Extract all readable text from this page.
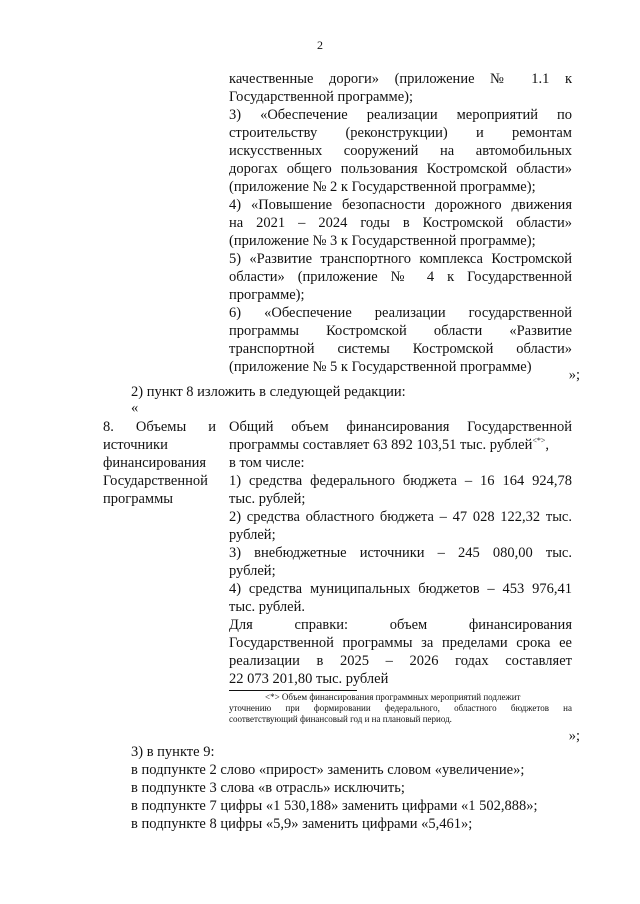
2
качественные дороги» (приложение № 1.1 к
Государственной программе);
3) «Обеспечение реализации мероприятий по
строительству (реконструкции) и ремонтам
искусственных сооружений на автомобильных
дорогах общего пользования Костромской области»
(приложение № 2 к Государственной программе);
4) «Повышение безопасности дорожного движения
на 2021 – 2024 годы в Костромской области»
(приложение № 3 к Государственной программе);
5) «Развитие транспортного комплекса Костромской
области» (приложение № 4 к Государственной
программе);
6) «Обеспечение реализации государственной
программы Костромской области «Развитие
транспортной системы Костромской области»
(приложение № 5 к Государственной программе)	»;
2) пункт 8 изложить в следующей редакции:
«
8. Объемы и
источники
финансирования
Государственной
программы
Общий объем финансирования Государственной
программы составляет 63 892 103,51 тыс. рублей<*>,
в том числе:
1) средства федерального бюджета – 16 164 924,78
тыс. рублей;
2) средства областного бюджета – 47 028 122,32 тыс.
рублей;
3) внебюджетные источники – 245 080,00 тыс.
рублей;
4) средства муниципальных бюджетов – 453 976,41
тыс. рублей.
Для справки: объем финансирования
Государственной программы за пределами срока ее
реализации в 2025 – 2026 годах составляет
22 073 201,80 тыс. рублей
<*> Объем финансирования программных мероприятий подлежит
уточнению при формировании федерального, областного бюджетов на
соответствующий финансовый год и на плановый период.
»;
3) в пункте 9:
в подпункте 2 слово «прирост» заменить словом «увеличение»;
в подпункте 3 слова «в отрасль» исключить;
в подпункте 7 цифры «1 530,188» заменить цифрами «1 502,888»;
в подпункте 8 цифры «5,9» заменить цифрами «5,461»;
